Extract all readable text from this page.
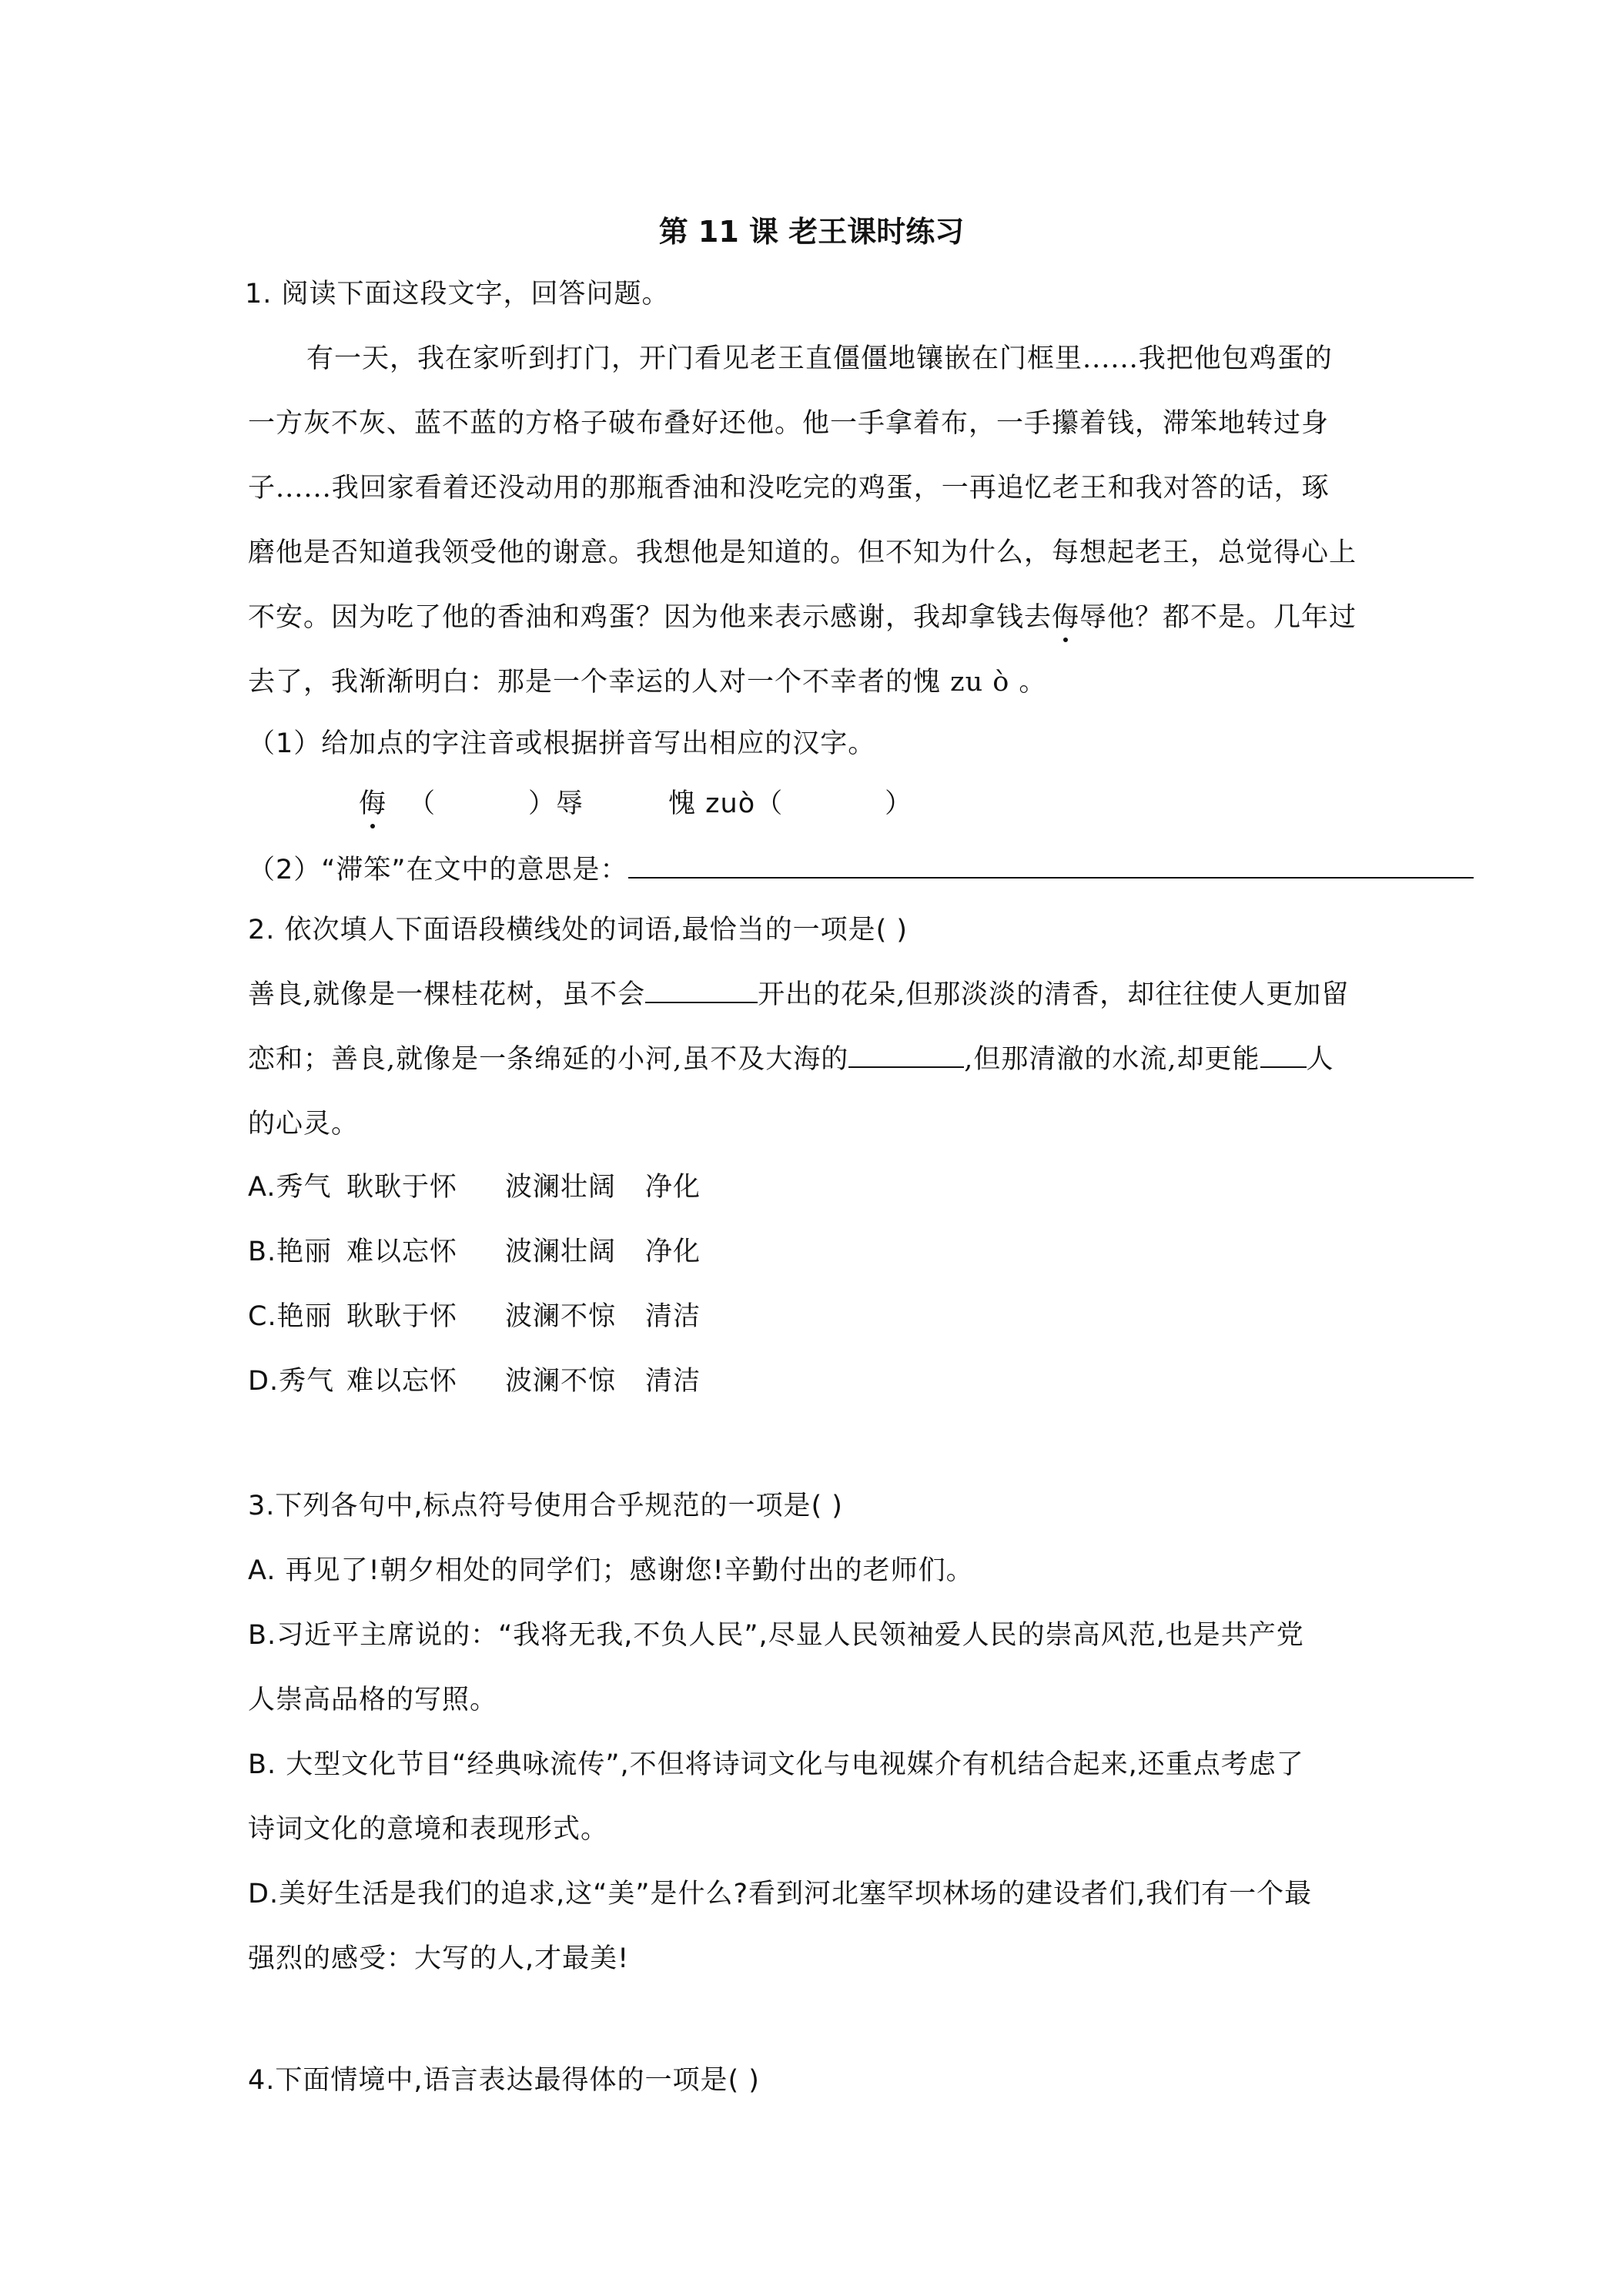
第 11 课 老王课时练习
1. 阅读下面这段文字，回答问题。
有一天，我在家听到打门，开门看见老王直僵僵地镶嵌在门框里......我把他包鸡蛋的
一方灰不灰、蓝不蓝的方格子破布叠好还他。他一手拿着布，一手攥着钱，滞笨地转过身
子......我回家看着还没动用的那瓶香油和没吃完的鸡蛋，一再追忆老王和我对答的话，琢
磨他是否知道我领受他的谢意。我想他是知道的。但不知为什么，每想起老王，总觉得心上
不安。因为吃了他的香油和鸡蛋？因为他来表示感谢，我却拿钱去侮辱他？都不是。几年过
去了，我渐渐明白：那是一个幸运的人对一个不幸者的愧 zu ò 。
（1）给加点的字注音或根据拼音写出相应的汉字。
侮 （	）辱	愧 zuò（	）
（2）“滞笨”在文中的意思是：
2. 依次填人下面语段横线处的词语,最恰当的一项是( )
善良,就像是一棵桂花树，虽不会	开出的花朵,但那淡淡的清香，却往往使人更加留
恋和；善良,就像是一条绵延的小河,虽不及大海的	,但那清澈的水流,却更能 人
的心灵。
A.秀气 耿耿于怀 波澜壮阔 净化
B.艳丽 难以忘怀 波澜壮阔 净化
C.艳丽 耿耿于怀 波澜不惊 清洁
D.秀气 难以忘怀 波澜不惊 清洁
3.下列各句中,标点符号使用合乎规范的一项是( )
A. 再见了!朝夕相处的同学们；感谢您!辛勤付出的老师们。
B.习近平主席说的：“我将无我,不负人民”,尽显人民领袖爱人民的崇高风范,也是共产党
人崇高品格的写照。
B. 大型文化节目“经典咏流传”,不但将诗词文化与电视媒介有机结合起来,还重点考虑了
诗词文化的意境和表现形式。
D.美好生活是我们的追求,这“美”是什么?看到河北塞罕坝林场的建设者们,我们有一个最
强烈的感受：大写的人,才最美!
4.下面情境中,语言表达最得体的一项是( )
